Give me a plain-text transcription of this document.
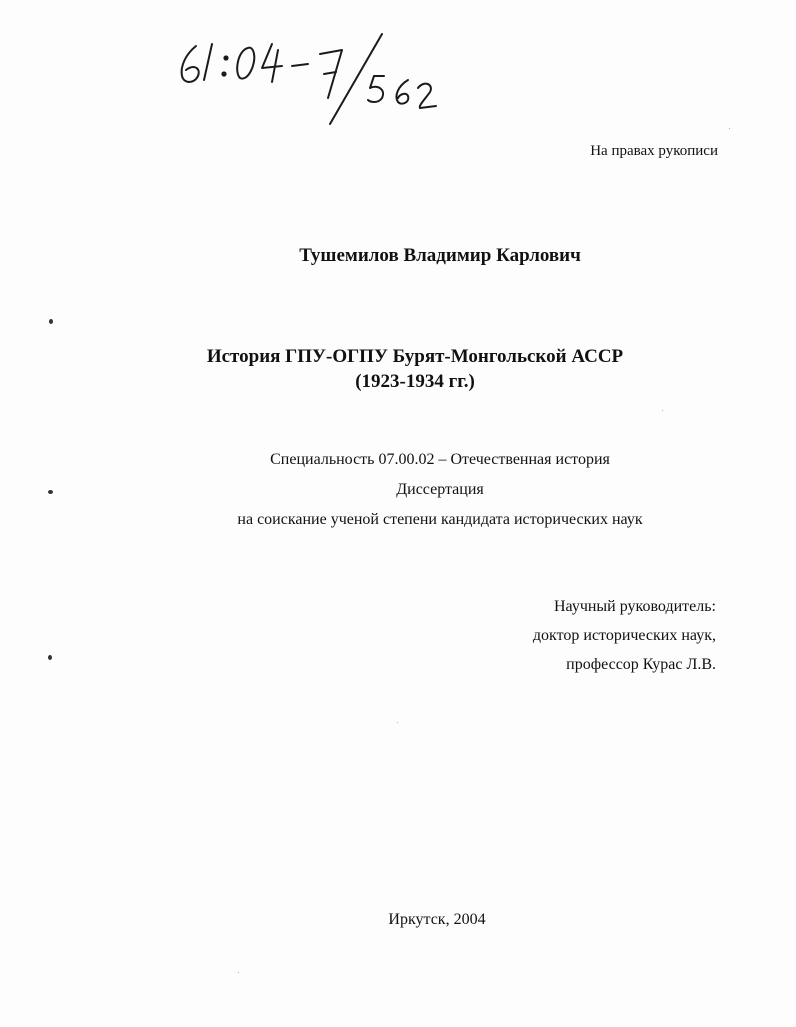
На правах рукописи
Тушемилов Владимир Карлович
История ГПУ-ОГПУ Бурят-Монгольской АССР
(1923-1934 гг.)
Специальность 07.00.02 – Отечественная история
Диссертация
на соискание ученой степени кандидата исторических наук
Научный руководитель:
доктор исторических наук,
профессор Курас Л.В.
Иркутск, 2004
